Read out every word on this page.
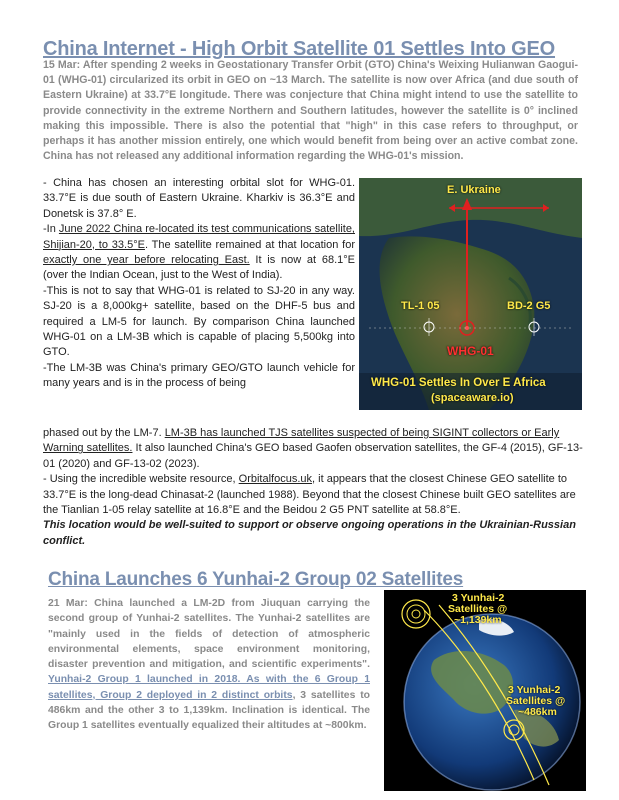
China Internet - High Orbit Satellite 01 Settles Into GEO
15 Mar: After spending 2 weeks in Geostationary Transfer Orbit (GTO) China's Weixing Hulianwan Gaogui-01 (WHG-01) circularized its orbit in GEO on ~13 March. The satellite is now over Africa (and due south of Eastern Ukraine) at 33.7°E longitude. There was conjecture that China might intend to use the satellite to provide connectivity in the extreme Northern and Southern latitudes, however the satellite is 0° inclined making this impossible. There is also the potential that "high" in this case refers to throughput, or perhaps it has another mission entirely, one which would benefit from being over an active combat zone. China has not released any additional information regarding the WHG-01's mission.

- China has chosen an interesting orbital slot for WHG-01. 33.7°E is due south of Eastern Ukraine. Kharkiv is 36.3°E and Donetsk is 37.8° E.

-In June 2022 China re-located its test communications satellite, Shijian-20, to 33.5°E. The satellite remained at that location for exactly one year before relocating East. It is now at 68.1°E (over the Indian Ocean, just to the West of India).

-This is not to say that WHG-01 is related to SJ-20 in any way. SJ-20 is a 8,000kg+ satellite, based on the DHF-5 bus and required a LM-5 for launch. By comparison China launched WHG-01 on a LM-3B which is capable of placing 5,500kg into GTO.

-The LM-3B was China's primary GEO/GTO launch vehicle for many years and is in the process of being

E. Ukraine
TL-1 05	BD-2 G5
WHG-01
WHG-01 Settles In Over E Africa
(spaceaware.io)

phased out by the LM-7. LM-3B has launched TJS satellites suspected of being SIGINT collectors or Early Warning satellites. It also launched China's GEO based Gaofen observation satellites, the GF-4 (2015), GF-13-01 (2020) and GF-13-02 (2023).

- Using the incredible website resource, Orbitalfocus.uk, it appears that the closest Chinese GEO satellite to 33.7°E is the long-dead Chinasat-2 (launched 1988). Beyond that the closest Chinese built GEO satellites are the Tianlian 1-05 relay satellite at 16.8°E and the Beidou 2 G5 PNT satellite at 58.8°E.

This location would be well-suited to support or observe ongoing operations in the Ukrainian-Russian conflict.

China Launches 6 Yunhai-2 Group 02 Satellites
21 Mar: China launched a LM-2D from Jiuquan carrying the second group of Yunhai-2 satellites. The Yunhai-2 satellites are "mainly used in the fields of detection of atmospheric environmental elements, space environment monitoring, disaster prevention and mitigation, and scientific experiments". Yunhai-2 Group 1 launched in 2018. As with the 6 Group 1 satellites, Group 2 deployed in 2 distinct orbits, 3 satellites to 486km and the other 3 to 1,139km. Inclination is identical. The Group 1 satellites eventually equalized their altitudes at ~800km.
3 Yunhai-2
Satellites @
~1,139km
3 Yunhai-2
Satellites @
~486km
